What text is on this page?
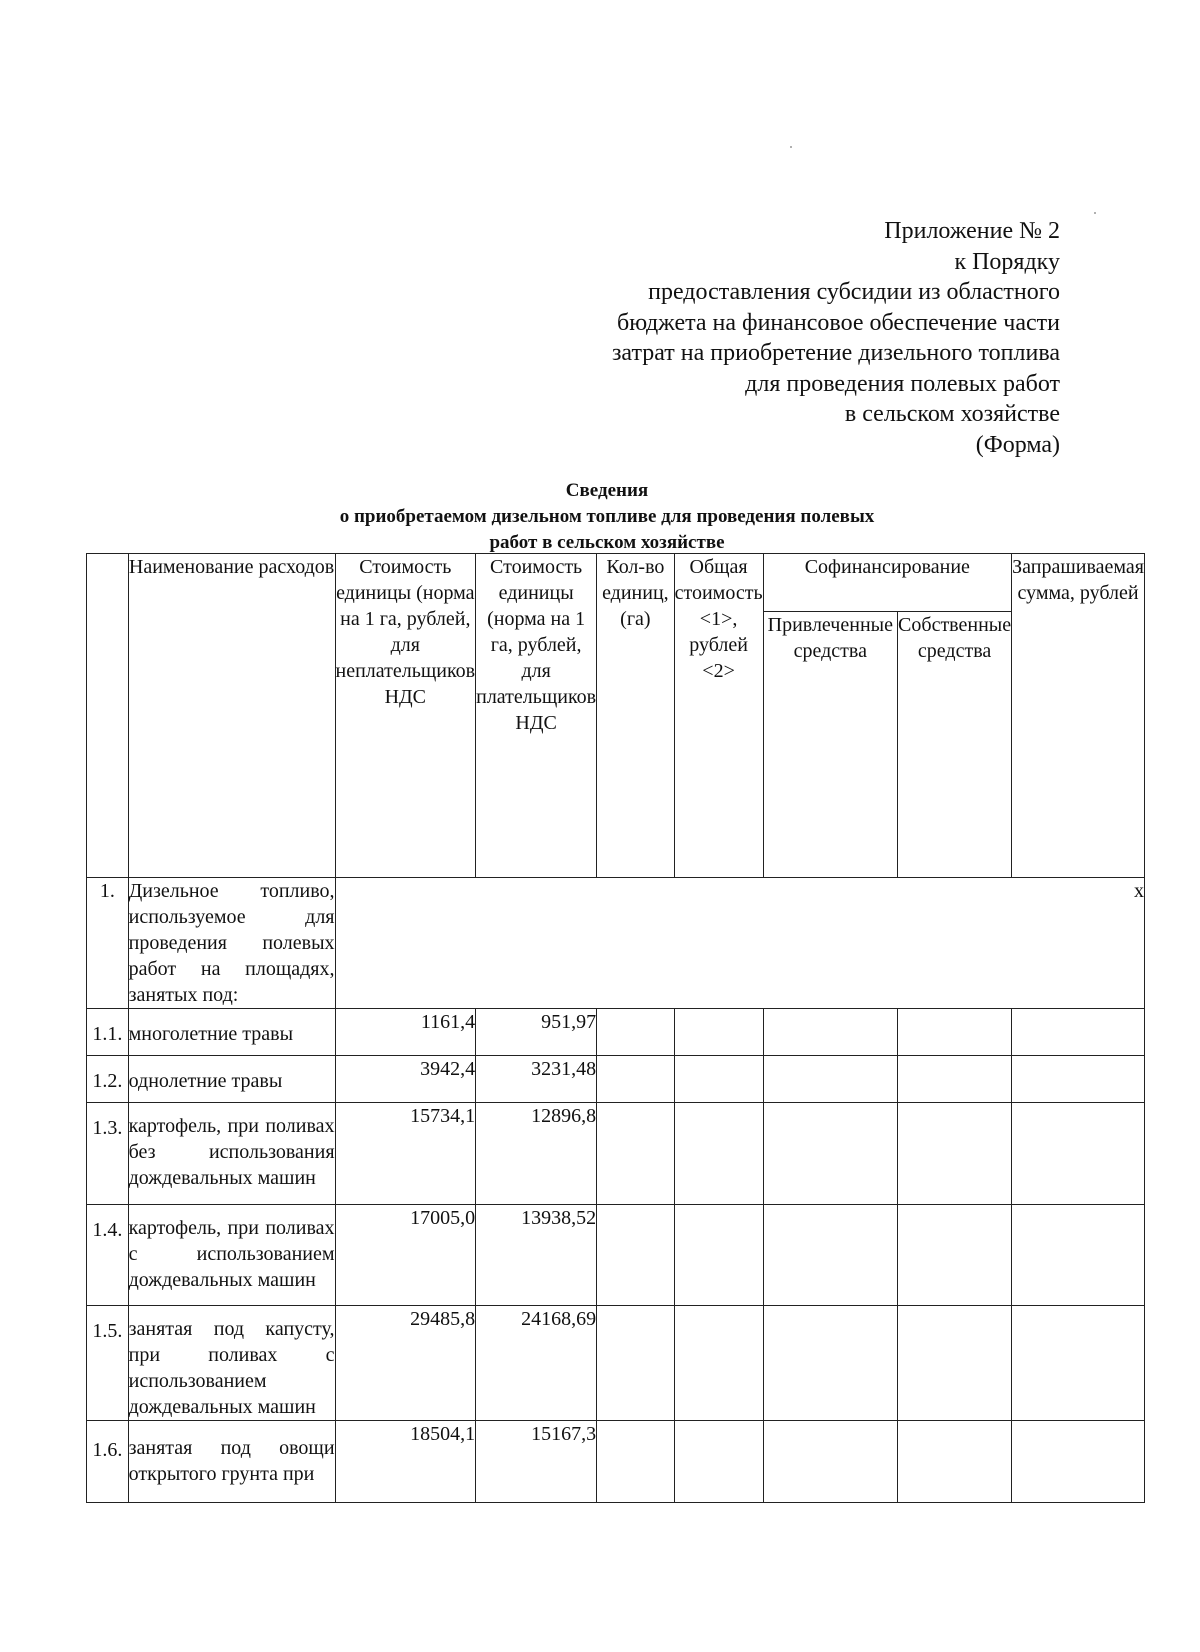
Приложение № 2
к Порядку
предоставления субсидии из областного
бюджета на финансовое обеспечение части
затрат на приобретение дизельного топлива
для проведения полевых работ
в сельском хозяйстве
(Форма)
Сведения
о приобретаемом дизельном топливе для проведения полевых
работ в сельском хозяйстве
	Наименование расходов	Стоимость единицы (норма на 1 га, рублей, для неплательщиков НДС	Стоимость единицы (норма на 1 га, рублей, для плательщиков НДС	Кол-во единиц, (га)	Общая стоимость <1>, рублей <2>	Софинансирование		Запрашиваемая сумма, рублей
						Привлеченные средства	Собственные средства	
1.	Дизельное топливо, используемое для проведения полевых работ на площадях, занятых под:	x						
1.1.	многолетние травы	1161,4	951,97					
1.2.	однолетние травы	3942,4	3231,48					
1.3.	картофель, при поливах без использования дождевальных машин	15734,1	12896,8					
1.4.	картофель, при поливах с использованием дождевальных машин	17005,0	13938,52					
1.5.	занятая под капусту, при поливах с использованием дождевальных машин	29485,8	24168,69					
1.6.	занятая под овощи открытого грунта при	18504,1	15167,3					
